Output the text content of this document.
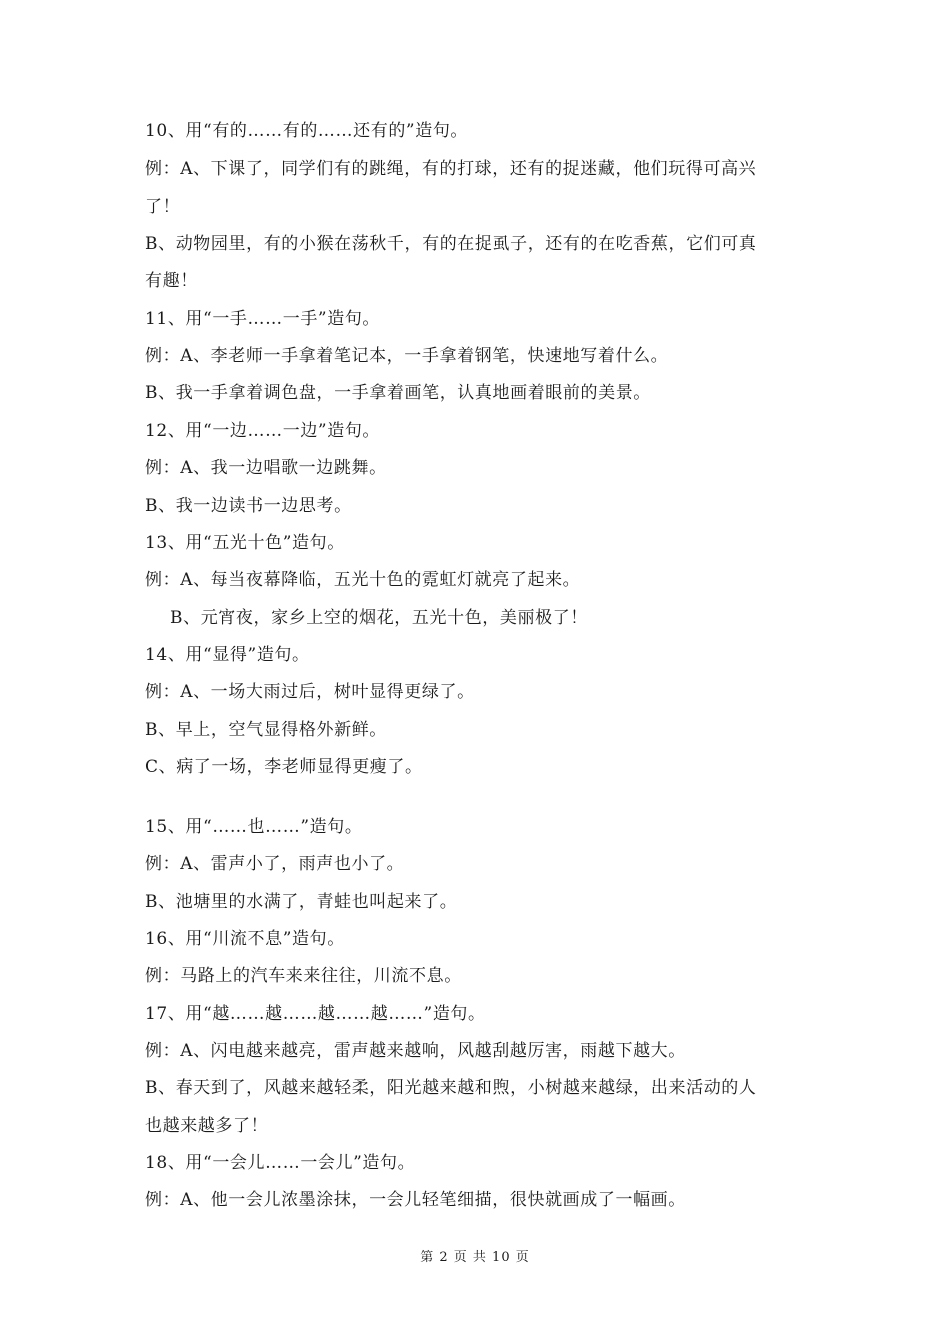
10、用“有的……有的……还有的”造句。
例：A、下课了，同学们有的跳绳，有的打球，还有的捉迷藏，他们玩得可高兴
了！
B、动物园里，有的小猴在荡秋千，有的在捉虱子，还有的在吃香蕉，它们可真
有趣！
11、用“一手……一手”造句。
例：A、李老师一手拿着笔记本，一手拿着钢笔，快速地写着什么。
B、我一手拿着调色盘，一手拿着画笔，认真地画着眼前的美景。
12、用“一边……一边”造句。
例：A、我一边唱歌一边跳舞。
B、我一边读书一边思考。
13、用“五光十色”造句。
例：A、每当夜幕降临，五光十色的霓虹灯就亮了起来。
B、元宵夜，家乡上空的烟花，五光十色，美丽极了！
14、用“显得”造句。
例：A、一场大雨过后，树叶显得更绿了。
B、早上，空气显得格外新鲜。
C、病了一场，李老师显得更瘦了。
15、用“……也……”造句。
例：A、雷声小了，雨声也小了。
B、池塘里的水满了，青蛙也叫起来了。
16、用“川流不息”造句。
例：马路上的汽车来来往往，川流不息。
17、用“越……越……越……越……”造句。
例：A、闪电越来越亮，雷声越来越响，风越刮越厉害，雨越下越大。
B、春天到了，风越来越轻柔，阳光越来越和煦，小树越来越绿，出来活动的人
也越来越多了！
18、用“一会儿……一会儿”造句。
例：A、他一会儿浓墨涂抹，一会儿轻笔细描，很快就画成了一幅画。
第 2 页 共 10 页
